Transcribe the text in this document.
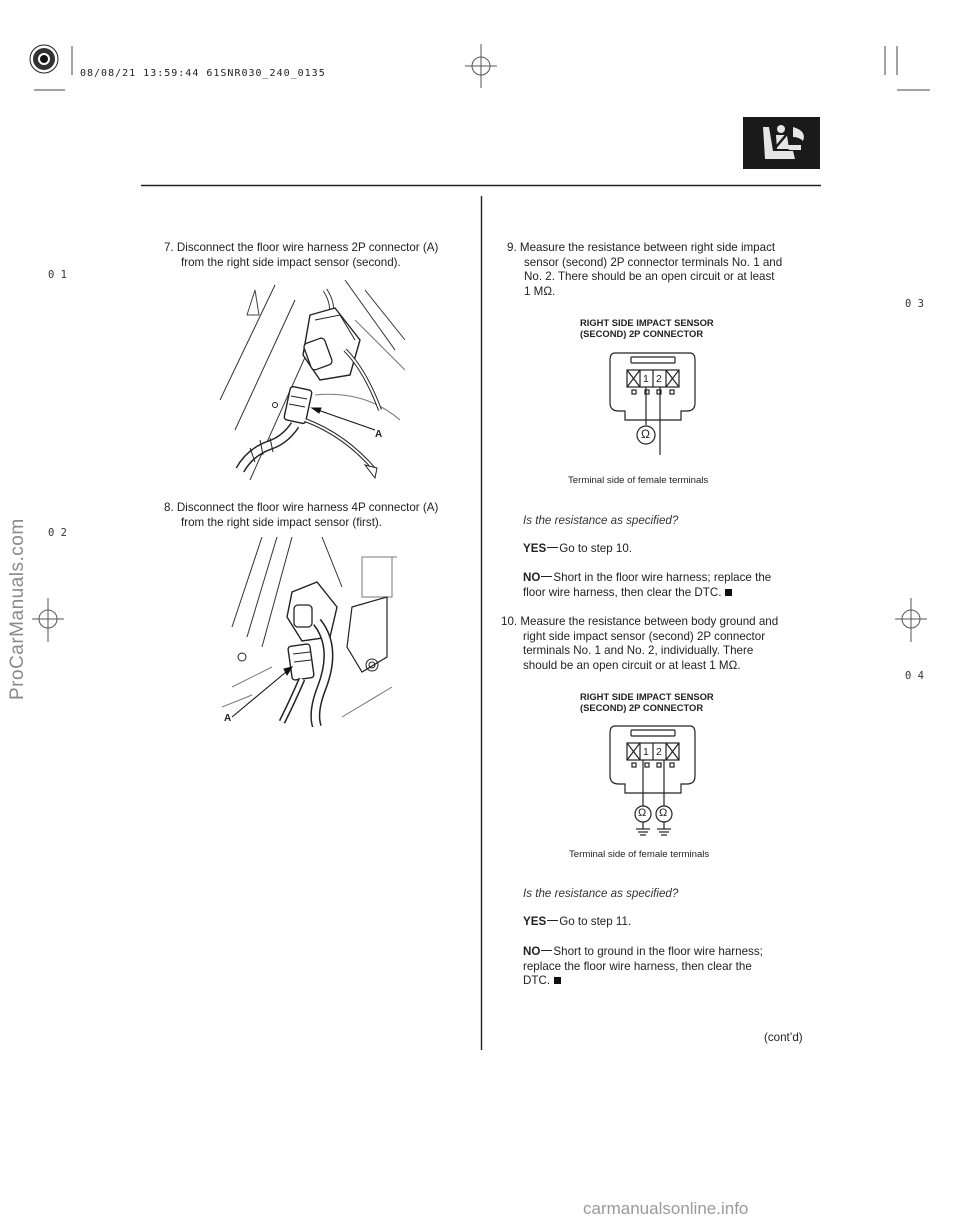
08/08/21 13:59:44 61SNR030_240_0135
0 1
0 2
0 3
0 4
7. Disconnect the floor wire harness 2P connector (A)
from the right side impact sensor (second).
A
8. Disconnect the floor wire harness 4P connector (A)
from the right side impact sensor (first).
A
9. Measure the resistance between right side impact
sensor (second) 2P connector terminals No. 1 and
No. 2. There should be an open circuit or at least
1 MΩ.
RIGHT SIDE IMPACT SENSOR
(SECOND) 2P CONNECTOR
1 2
Ω
Terminal side of female terminals
Is the resistance as specified?
YES Go to step 10.
NO Short in the floor wire harness; replace the
floor wire harness, then clear the DTC.
10. Measure the resistance between body ground and
right side impact sensor (second) 2P connector
terminals No. 1 and No. 2, individually. There
should be an open circuit or at least 1 MΩ.
RIGHT SIDE IMPACT SENSOR
(SECOND) 2P CONNECTOR
1 2
Ω Ω
Terminal side of female terminals
Is the resistance as specified?
YES Go to step 11.
NO Short to ground in the floor wire harness;
replace the floor wire harness, then clear the
DTC.
(cont’d)
ProCarManuals.com
carmanualsonline.info
